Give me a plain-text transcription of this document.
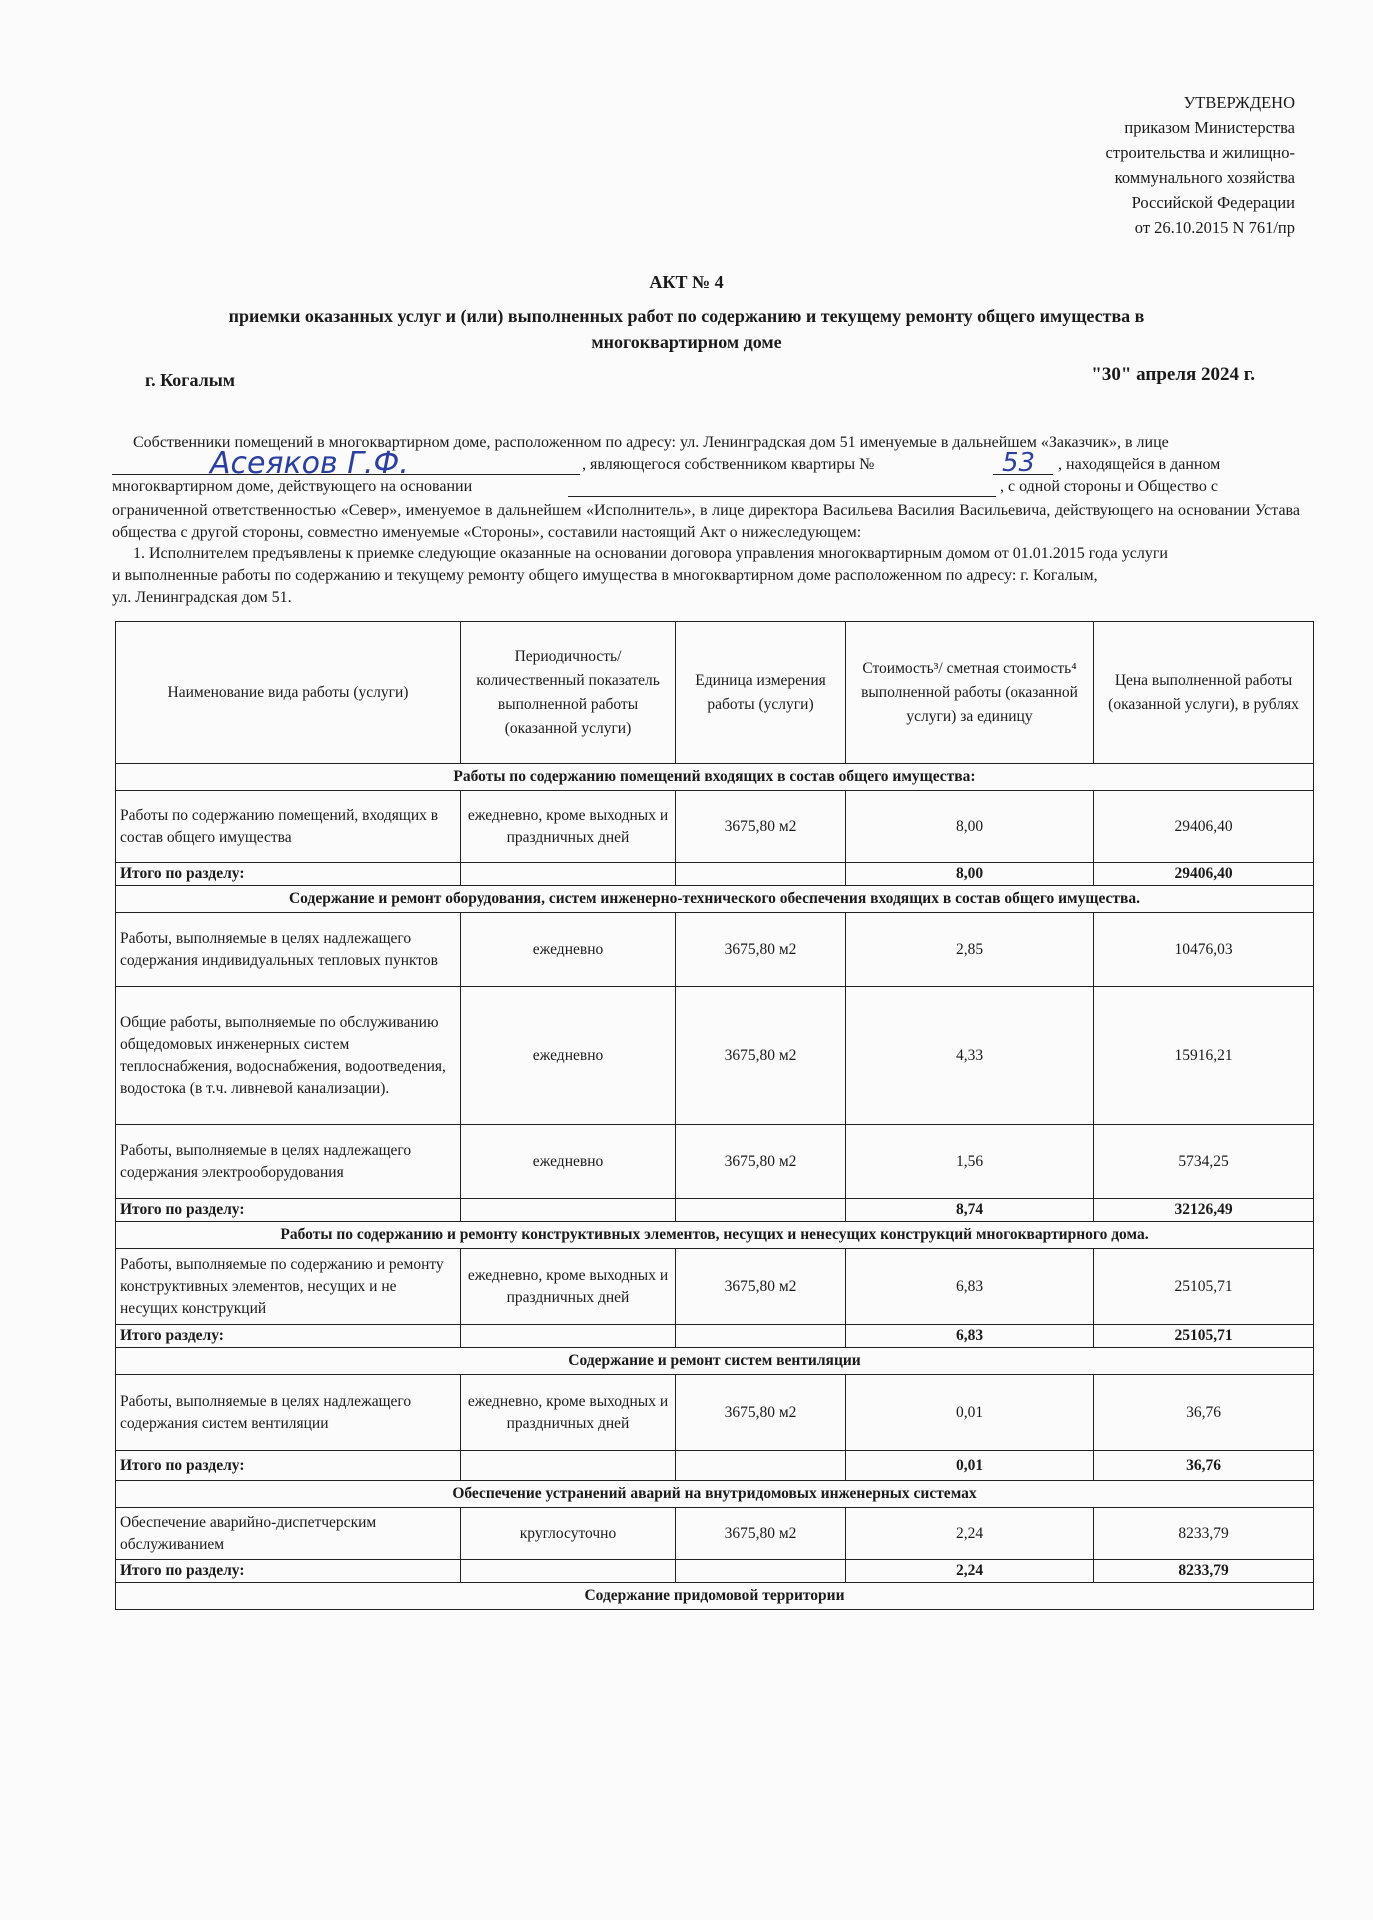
УТВЕРЖДЕНО
приказом Министерства
строительства и жилищно-
коммунального хозяйства
Российской Федерации
от 26.10.2015 N 761/пр
АКТ № 4
приемки оказанных услуг и (или) выполненных работ по содержанию и текущему ремонту общего имущества в
многоквартирном доме
г. Когалым	"30" апреля 2024 г.
Собственники помещений в многоквартирном доме, расположенном по адресу: ул. Ленинградская дом 51 именуемые в дальнейшем «Заказчик», в лице
Асеяков Г.Ф.	, являющегося собственником квартиры №	53 , находящейся в данном
многоквартирном доме, действующего на основании	, с одной стороны и Обществo с
ограниченной ответственностью «Север», именуемое в дальнейшем «Исполнитель», в лице директора Васильева Василия Васильевича, действующего на основании Устава общества с другой стороны, совместно именуемые «Стороны», составили настоящий Акт о нижеследующем:
1. Исполнителем предъявлены к приемке следующие оказанные на основании договора управления многоквартирным домом от 01.01.2015 года услуги
и выполненные работы по содержанию и текущему ремонту общего имущества в многоквартирном доме расположенном по адресу: г. Когалым,
ул. Ленинградская дом 51.
Наименование вида работы (услуги)	Периодичность/ количественный показатель выполненной работы (оказанной услуги)	Единица измерения работы (услуги)	Стоимость³/ сметная стоимость⁴ выполненной работы (оказанной услуги) за единицу	Цена выполненной работы (оказанной услуги), в рублях
Работы по содержанию помещений входящих в состав общего имущества:				
Работы по содержанию помещений, входящих в состав общего имущества	ежедневно, кроме выходных и праздничных дней	3675,80 м2	8,00	29406,40
Итого по разделу:			8,00	29406,40
Содержание и ремонт оборудования, систем инженерно-технического обеспечения входящих в состав общего имущества.				
Работы, выполняемые в целях надлежащего содержания индивидуальных тепловых пунктов	ежедневно	3675,80 м2	2,85	10476,03
Общие работы, выполняемые по обслуживанию общедомовых инженерных систем теплоснабжения, водоснабжения, водоотведения, водостока (в т.ч. ливневой канализации).	ежедневно	3675,80 м2	4,33	15916,21
Работы, выполняемые в целях надлежащего содержания электрооборудования	ежедневно	3675,80 м2	1,56	5734,25
Итого по разделу:			8,74	32126,49
Работы по содержанию и ремонту конструктивных элементов, несущих и ненесущих конструкций многоквартирного дома.				
Работы, выполняемые по содержанию и ремонту конструктивных элементов, несущих и не несущих конструкций	ежедневно, кроме выходных и праздничных дней	3675,80 м2	6,83	25105,71
Итого разделу:			6,83	25105,71
Содержание и ремонт систем вентиляции				
Работы, выполняемые в целях надлежащего содержания систем вентиляции	ежедневно, кроме выходных и праздничных дней	3675,80 м2	0,01	36,76
Итого по разделу:			0,01	36,76
Обеспечение устранений аварий на внутридомовых инженерных системах				
Обеспечение аварийно-диспетчерским обслуживанием	круглосуточно	3675,80 м2	2,24	8233,79
Итого по разделу:			2,24	8233,79
Содержание придомовой территории				
